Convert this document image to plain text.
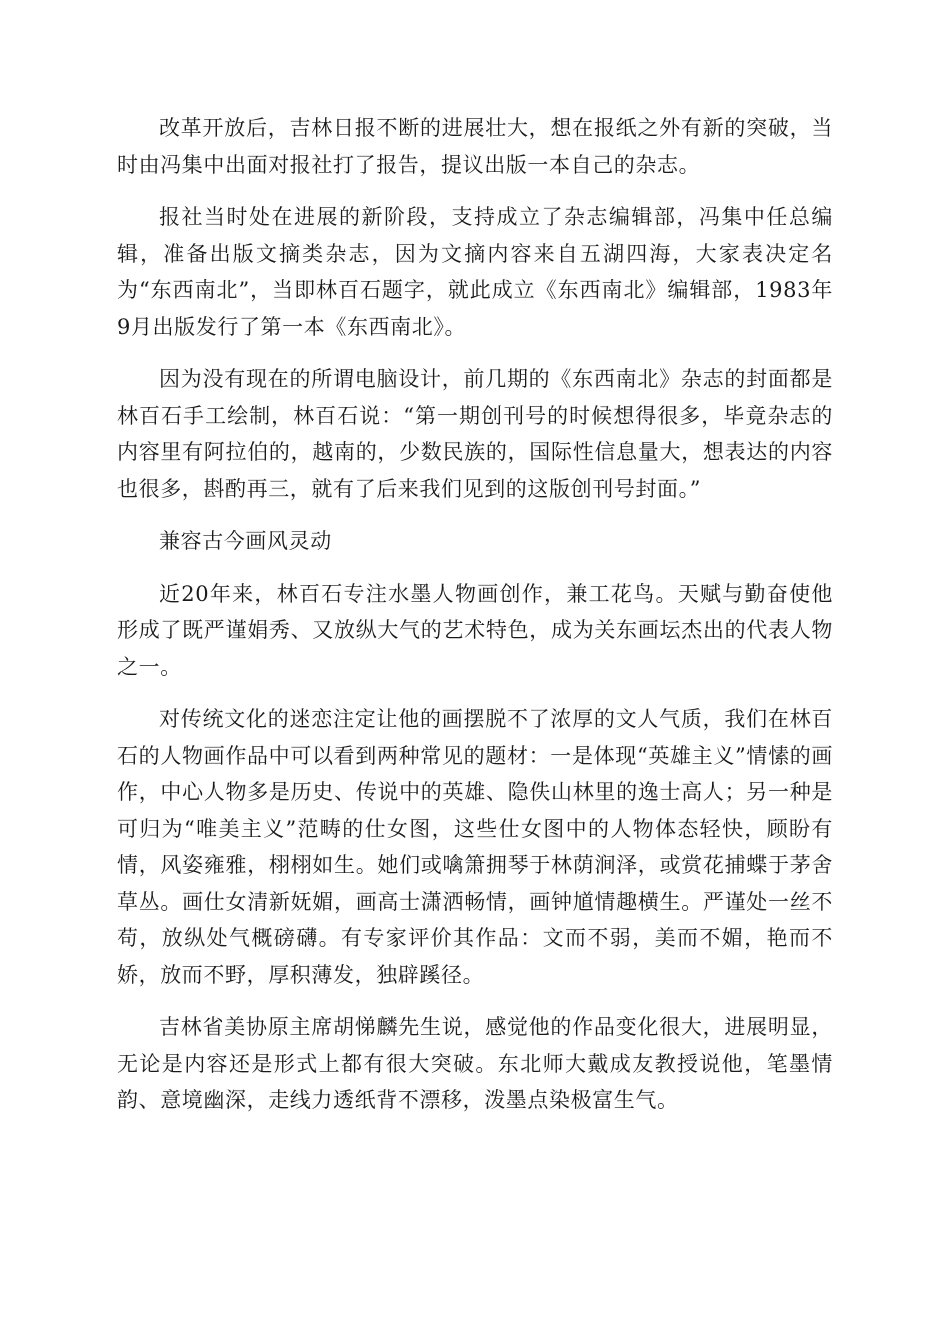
改革开放后，吉林日报不断的进展壮大，想在报纸之外有新的突破，当时由冯集中出面对报社打了报告，提议出版一本自己的杂志。

报社当时处在进展的新阶段，支持成立了杂志编辑部，冯集中任总编辑，准备出版文摘类杂志，因为文摘内容来自五湖四海，大家表决定名为“东西南北”，当即林百石题字，就此成立《东西南北》编辑部，1983年9月出版发行了第一本《东西南北》。

因为没有现在的所谓电脑设计，前几期的《东西南北》杂志的封面都是林百石手工绘制，林百石说：“第一期创刊号的时候想得很多，毕竟杂志的内容里有阿拉伯的，越南的，少数民族的，国际性信息量大，想表达的内容也很多，斟酌再三，就有了后来我们见到的这版创刊号封面。”

兼容古今画风灵动

近20年来，林百石专注水墨人物画创作，兼工花鸟。天赋与勤奋使他形成了既严谨娟秀、又放纵大气的艺术特色，成为关东画坛杰出的代表人物之一。

对传统文化的迷恋注定让他的画摆脱不了浓厚的文人气质，我们在林百石的人物画作品中可以看到两种常见的题材：一是体现“英雄主义”情愫的画作，中心人物多是历史、传说中的英雄、隐佚山林里的逸士高人；另一种是可归为“唯美主义”范畴的仕女图，这些仕女图中的人物体态轻快，顾盼有情，风姿雍雅，栩栩如生。她们或噙箫拥琴于林荫涧泽，或赏花捕蝶于茅舍草丛。画仕女清新妩媚，画高士潇洒畅情，画钟馗情趣横生。严谨处一丝不苟，放纵处气概磅礴。有专家评价其作品：文而不弱，美而不媚，艳而不娇，放而不野，厚积薄发，独辟蹊径。

吉林省美协原主席胡悌麟先生说，感觉他的作品变化很大，进展明显，无论是内容还是形式上都有很大突破。东北师大戴成友教授说他，笔墨情韵、意境幽深，走线力透纸背不漂移，泼墨点染极富生气。
